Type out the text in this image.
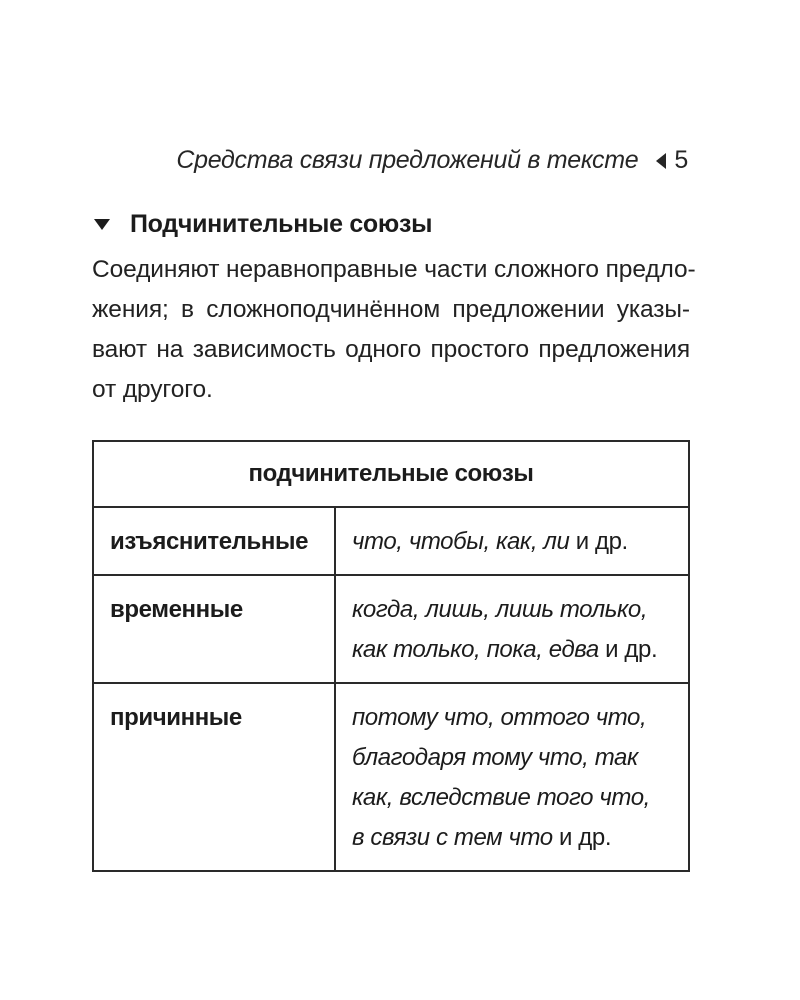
Средства связи предложений в тексте 5
Подчинительные союзы
Соединяют неравноправные части сложного предло-
жения; в сложноподчинённом предложении указы-
вают на зависимость одного простого предложения
от другого.
подчинительные союзы	
изъяснительные	что, чтобы, как, ли и др.

временные	когда, лишь, лишь только,
как только, пока, едва и др.

причинные	потому что, оттого что,
благодаря тому что, так
как, вследствие того что,
в связи с тем что и др.
